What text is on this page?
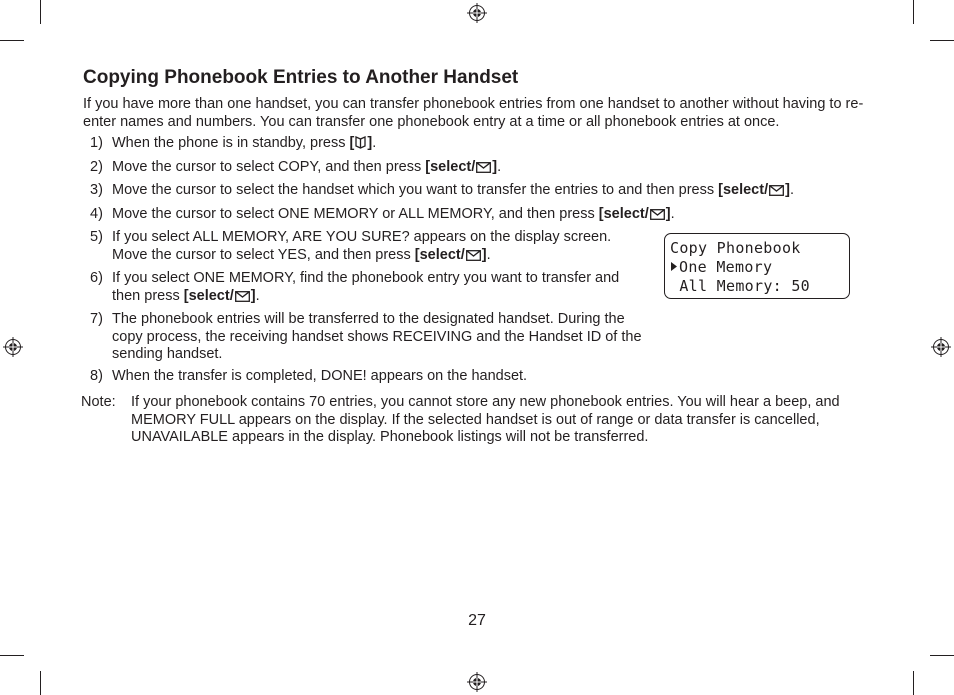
Copying Phonebook Entries to Another Handset

If you have more than one handset, you can transfer phonebook entries from one handset to another without having to re-enter names and numbers. You can transfer one phonebook entry at a time or all phonebook entries at once.

1) When the phone is in standby, press [ ].
2) Move the cursor to select COPY, and then press [select/ ].
3) Move the cursor to select the handset which you want to transfer the entries to and then press [select/ ].
4) Move the cursor to select ONE MEMORY or ALL MEMORY, and then press [select/ ].
5) If you select ALL MEMORY, ARE YOU SURE? appears on the display screen. Move the cursor to select YES, and then press [select/ ].
6) If you select ONE MEMORY, find the phonebook entry you want to transfer and then press [select/ ].
7) The phonebook entries will be transferred to the designated handset. During the copy process, the receiving handset shows RECEIVING and the Handset ID of the sending handset.
8) When the transfer is completed, DONE! appears on the handset.
Note:	If your phonebook contains 70 entries, you cannot store any new phonebook entries. You will hear a beep, and MEMORY FULL appears on the display. If the selected handset is out of range or data transfer is cancelled, UNAVAILABLE appears in the display. Phonebook listings will not be transferred.
Copy Phonebook
One Memory
All Memory: 50
27
